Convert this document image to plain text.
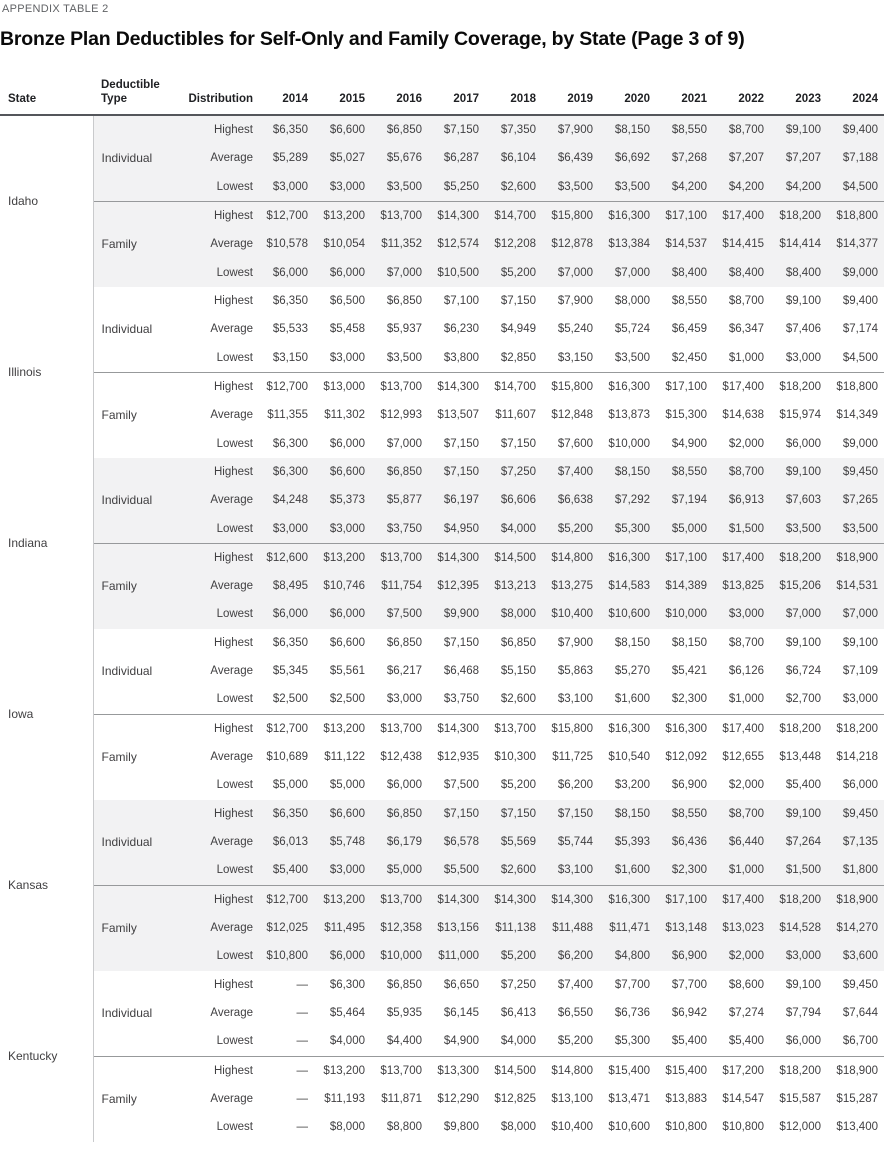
APPENDIX TABLE 2
Bronze Plan Deductibles for Self-Only and Family Coverage, by State (Page 3 of 9)
State	Deductible Type	Distribution	2014	2015	2016	2017	2018	2019	2020	2021	2022	2023	2024
Idaho	Individual	Highest	$6,350	$6,600	$6,850	$7,150	$7,350	$7,900	$8,150	$8,550	$8,700	$9,100	$9,400
		Average	$5,289	$5,027	$5,676	$6,287	$6,104	$6,439	$6,692	$7,268	$7,207	$7,207	$7,188
		Lowest	$3,000	$3,000	$3,500	$5,250	$2,600	$3,500	$3,500	$4,200	$4,200	$4,200	$4,500
	Family	Highest	$12,700	$13,200	$13,700	$14,300	$14,700	$15,800	$16,300	$17,100	$17,400	$18,200	$18,800
		Average	$10,578	$10,054	$11,352	$12,574	$12,208	$12,878	$13,384	$14,537	$14,415	$14,414	$14,377
		Lowest	$6,000	$6,000	$7,000	$10,500	$5,200	$7,000	$7,000	$8,400	$8,400	$8,400	$9,000
Illinois	Individual	Highest	$6,350	$6,500	$6,850	$7,100	$7,150	$7,900	$8,000	$8,550	$8,700	$9,100	$9,400
		Average	$5,533	$5,458	$5,937	$6,230	$4,949	$5,240	$5,724	$6,459	$6,347	$7,406	$7,174
		Lowest	$3,150	$3,000	$3,500	$3,800	$2,850	$3,150	$3,500	$2,450	$1,000	$3,000	$4,500
	Family	Highest	$12,700	$13,000	$13,700	$14,300	$14,700	$15,800	$16,300	$17,100	$17,400	$18,200	$18,800
		Average	$11,355	$11,302	$12,993	$13,507	$11,607	$12,848	$13,873	$15,300	$14,638	$15,974	$14,349
		Lowest	$6,300	$6,000	$7,000	$7,150	$7,150	$7,600	$10,000	$4,900	$2,000	$6,000	$9,000
Indiana	Individual	Highest	$6,300	$6,600	$6,850	$7,150	$7,250	$7,400	$8,150	$8,550	$8,700	$9,100	$9,450
		Average	$4,248	$5,373	$5,877	$6,197	$6,606	$6,638	$7,292	$7,194	$6,913	$7,603	$7,265
		Lowest	$3,000	$3,000	$3,750	$4,950	$4,000	$5,200	$5,300	$5,000	$1,500	$3,500	$3,500
	Family	Highest	$12,600	$13,200	$13,700	$14,300	$14,500	$14,800	$16,300	$17,100	$17,400	$18,200	$18,900
		Average	$8,495	$10,746	$11,754	$12,395	$13,213	$13,275	$14,583	$14,389	$13,825	$15,206	$14,531
		Lowest	$6,000	$6,000	$7,500	$9,900	$8,000	$10,400	$10,600	$10,000	$3,000	$7,000	$7,000
Iowa	Individual	Highest	$6,350	$6,600	$6,850	$7,150	$6,850	$7,900	$8,150	$8,150	$8,700	$9,100	$9,100
		Average	$5,345	$5,561	$6,217	$6,468	$5,150	$5,863	$5,270	$5,421	$6,126	$6,724	$7,109
		Lowest	$2,500	$2,500	$3,000	$3,750	$2,600	$3,100	$1,600	$2,300	$1,000	$2,700	$3,000
	Family	Highest	$12,700	$13,200	$13,700	$14,300	$13,700	$15,800	$16,300	$16,300	$17,400	$18,200	$18,200
		Average	$10,689	$11,122	$12,438	$12,935	$10,300	$11,725	$10,540	$12,092	$12,655	$13,448	$14,218
		Lowest	$5,000	$5,000	$6,000	$7,500	$5,200	$6,200	$3,200	$6,900	$2,000	$5,400	$6,000
Kansas	Individual	Highest	$6,350	$6,600	$6,850	$7,150	$7,150	$7,150	$8,150	$8,550	$8,700	$9,100	$9,450
		Average	$6,013	$5,748	$6,179	$6,578	$5,569	$5,744	$5,393	$6,436	$6,440	$7,264	$7,135
		Lowest	$5,400	$3,000	$5,000	$5,500	$2,600	$3,100	$1,600	$2,300	$1,000	$1,500	$1,800
	Family	Highest	$12,700	$13,200	$13,700	$14,300	$14,300	$14,300	$16,300	$17,100	$17,400	$18,200	$18,900
		Average	$12,025	$11,495	$12,358	$13,156	$11,138	$11,488	$11,471	$13,148	$13,023	$14,528	$14,270
		Lowest	$10,800	$6,000	$10,000	$11,000	$5,200	$6,200	$4,800	$6,900	$2,000	$3,000	$3,600
Kentucky	Individual	Highest	—	$6,300	$6,850	$6,650	$7,250	$7,400	$7,700	$7,700	$8,600	$9,100	$9,450
		Average	—	$5,464	$5,935	$6,145	$6,413	$6,550	$6,736	$6,942	$7,274	$7,794	$7,644
		Lowest	—	$4,000	$4,400	$4,900	$4,000	$5,200	$5,300	$5,400	$5,400	$6,000	$6,700
	Family	Highest	—	$13,200	$13,700	$13,300	$14,500	$14,800	$15,400	$15,400	$17,200	$18,200	$18,900
		Average	—	$11,193	$11,871	$12,290	$12,825	$13,100	$13,471	$13,883	$14,547	$15,587	$15,287
		Lowest	—	$8,000	$8,800	$9,800	$8,000	$10,400	$10,600	$10,800	$10,800	$12,000	$13,400
